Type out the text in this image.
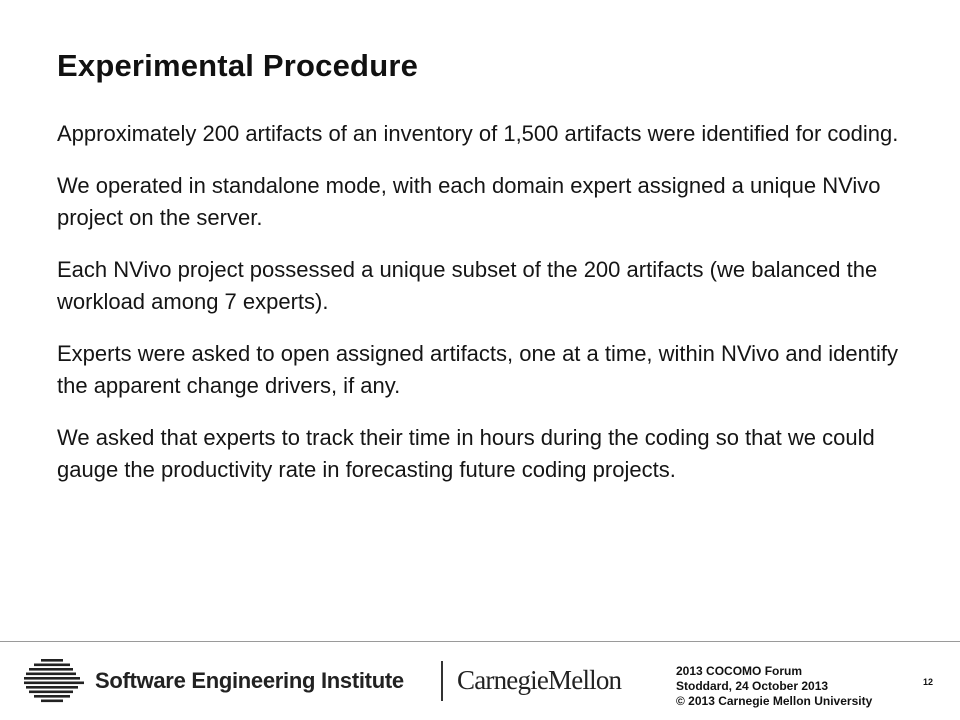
Experimental Procedure

Approximately 200 artifacts of an inventory of 1,500 artifacts were identified for coding.

We operated in standalone mode, with each domain expert assigned a unique NVivo project on the server.

Each NVivo project possessed a unique subset of the 200 artifacts (we balanced the workload among 7 experts).

Experts were asked to open assigned artifacts, one at a time, within NVivo and identify the apparent change drivers, if any.

We asked that experts to track their time in hours during the coding so that we could gauge the productivity rate in forecasting future coding projects.

Software Engineering Institute CarnegieMellon	2013 COCOMO Forum
Stoddard, 24 October 2013
© 2013 Carnegie Mellon University
12
